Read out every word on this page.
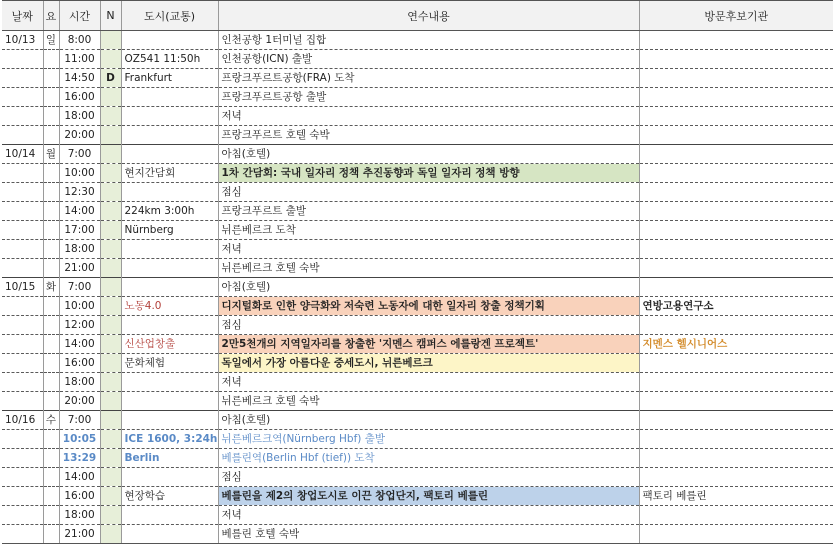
날짜	요	시간	N	도시(교통)	연수내용	방문후보기관
10/13	일	8:00			인천공항 1터미널 집합	
		11:00		OZ541 11:50h	인천공항(ICN) 출발	
		14:50	D	Frankfurt	프랑크푸르트공항(FRA) 도착	
		16:00			프랑크푸르트공항 출발	
		18:00			저녁	
		20:00			프랑크푸르트 호텔 숙박	
10/14	월	7:00			아침(호텔)	
		10:00		현지간담회	1차 간담회: 국내 일자리 정책 추진동향과 독일 일자리 정책 방향	
		12:30			점심	
		14:00		224km 3:00h	프랑크푸르트 출발	
		17:00		Nürnberg	뉘른베르크 도착	
		18:00			저녁	
		21:00			뉘른베르크 호텔 숙박	
10/15	화	7:00			아침(호텔)	
		10:00		노동4.0	디지털화로 인한 양극화와 저숙련 노동자에 대한 일자리 창출 정책기획	연방고용연구소
		12:00			점심	
		14:00		신산업창출	2만5천개의 지역일자리를 창출한 '지멘스 캠퍼스 에를랑겐 프로젝트'	지멘스 헬시니어스
		16:00		문화체험	독일에서 가장 아름다운 중세도시, 뉘른베르크	
		18:00			저녁	
		20:00			뉘른베르크 호텔 숙박	
10/16	수	7:00			아침(호텔)	
		10:05		ICE 1600, 3:24h	뉘른베르크역(Nürnberg Hbf) 출발	
		13:29		Berlin	베를린역(Berlin Hbf (tief)) 도착	
		14:00			점심	
		16:00		현장학습	베를린을 제2의 창업도시로 이끈 창업단지, 팩토리 베를린	팩토리 베를린
		18:00			저녁	
		21:00			베를린 호텔 숙박	
